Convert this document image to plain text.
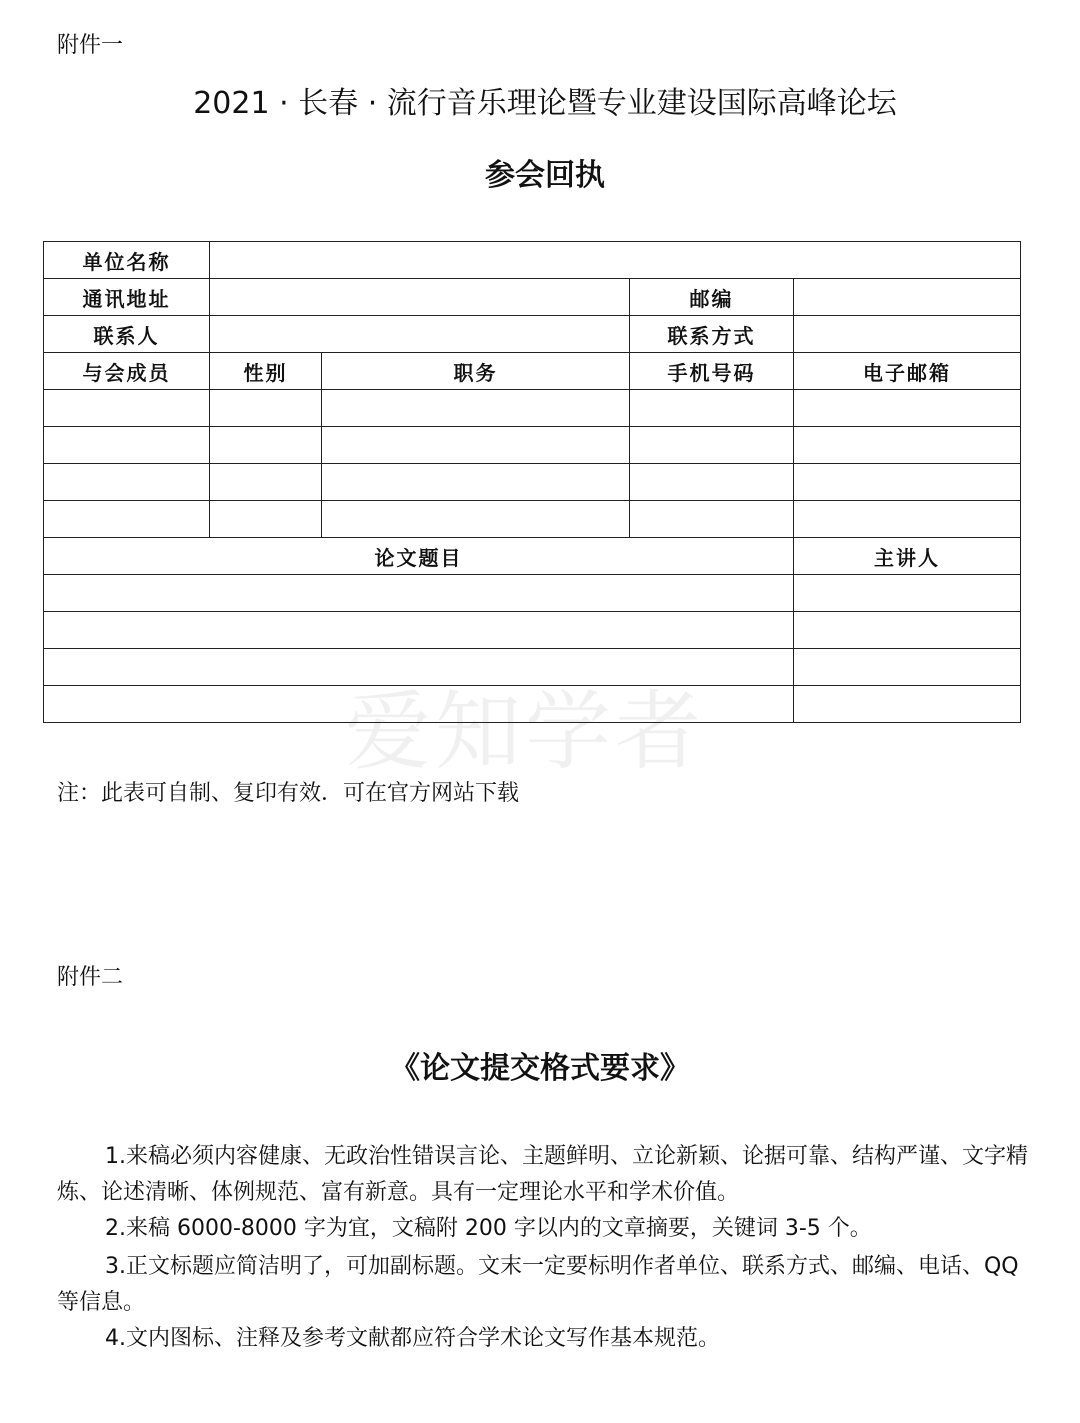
附件一
2021 · 长春 · 流行音乐理论暨专业建设国际高峰论坛
参会回执
爱知学者
单位名称				
通讯地址			邮编	
联系人			联系方式	
与会成员	性别	职务	手机号码	电子邮箱

论文题目				主讲人

注：此表可自制、复印有效．可在官方网站下载
附件二
《论文提交格式要求》

1.来稿必须内容健康、无政治性错误言论、主题鲜明、立论新颖、论据可靠、结构严谨、文字精炼、论述清晰、体例规范、富有新意。具有一定理论水平和学术价值。

2.来稿 6000-8000 字为宜，文稿附 200 字以内的文章摘要，关键词 3-5 个。

3.正文标题应简洁明了，可加副标题。文末一定要标明作者单位、联系方式、邮编、电话、QQ 等信息。

4.文内图标、注释及参考文献都应符合学术论文写作基本规范。
